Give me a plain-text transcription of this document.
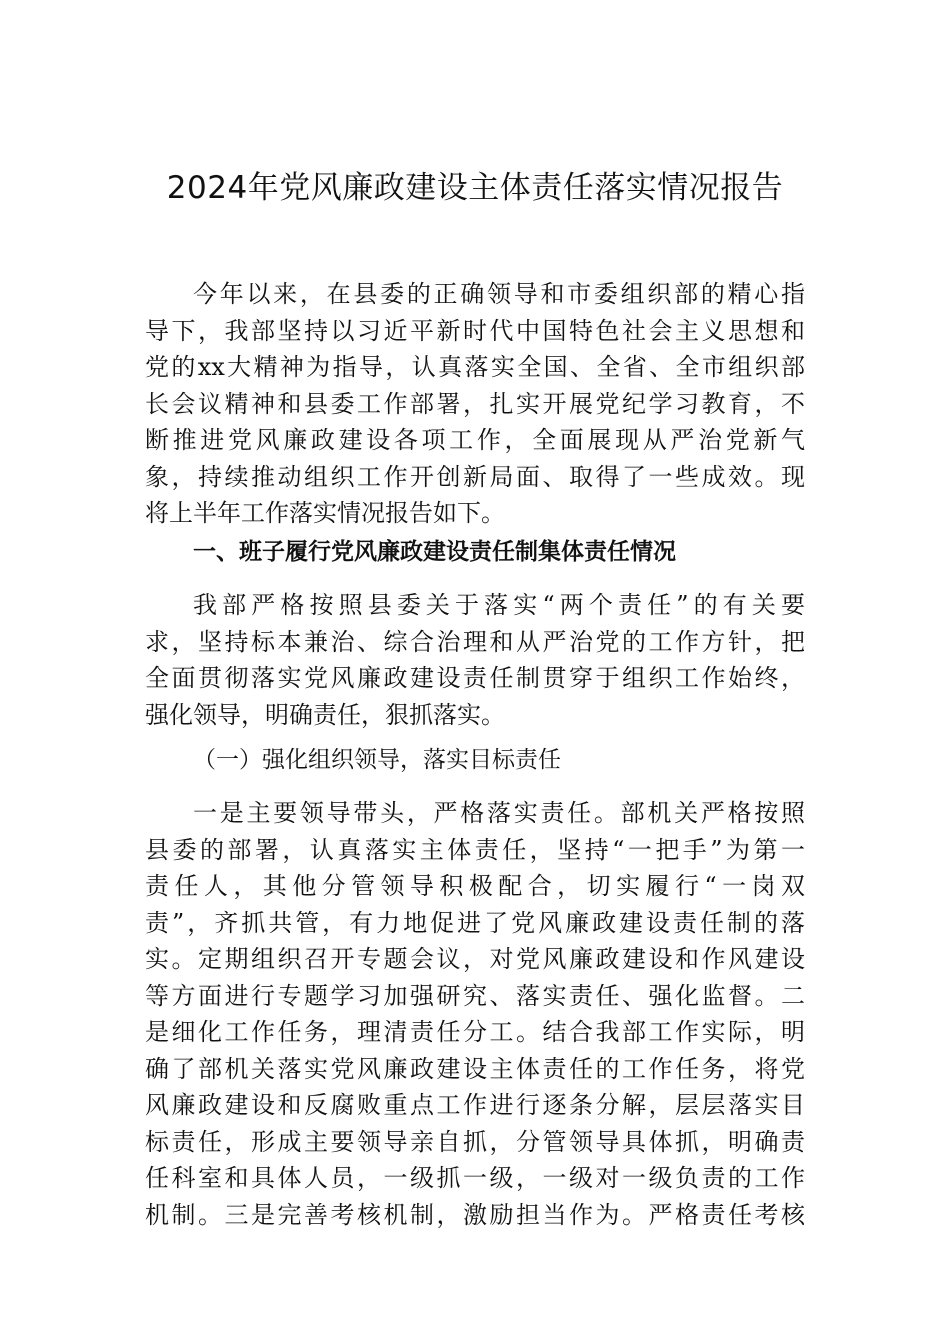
2024年党风廉政建设主体责任落实情况报告
今年以来，在县委的正确领导和市委组织部的精心指
导下，我部坚持以习近平新时代中国特色社会主义思想和
党的xx大精神为指导，认真落实全国、全省、全市组织部
长会议精神和县委工作部署，扎实开展党纪学习教育，不
断推进党风廉政建设各项工作，全面展现从严治党新气
象，持续推动组织工作开创新局面、取得了一些成效。现
将上半年工作落实情况报告如下。
一、班子履行党风廉政建设责任制集体责任情况
我部严格按照县委关于落实“两个责任”的有关要
求，坚持标本兼治、综合治理和从严治党的工作方针，把
全面贯彻落实党风廉政建设责任制贯穿于组织工作始终，
强化领导，明确责任，狠抓落实。
（一）强化组织领导，落实目标责任
一是主要领导带头，严格落实责任。部机关严格按照
县委的部署，认真落实主体责任，坚持“一把手”为第一
责任人，其他分管领导积极配合，切实履行“一岗双
责”，齐抓共管，有力地促进了党风廉政建设责任制的落
实。定期组织召开专题会议，对党风廉政建设和作风建设
等方面进行专题学习加强研究、落实责任、强化监督。二
是细化工作任务，理清责任分工。结合我部工作实际，明
确了部机关落实党风廉政建设主体责任的工作任务，将党
风廉政建设和反腐败重点工作进行逐条分解，层层落实目
标责任，形成主要领导亲自抓，分管领导具体抓，明确责
任科室和具体人员，一级抓一级，一级对一级负责的工作
机制。三是完善考核机制，激励担当作为。严格责任考核
